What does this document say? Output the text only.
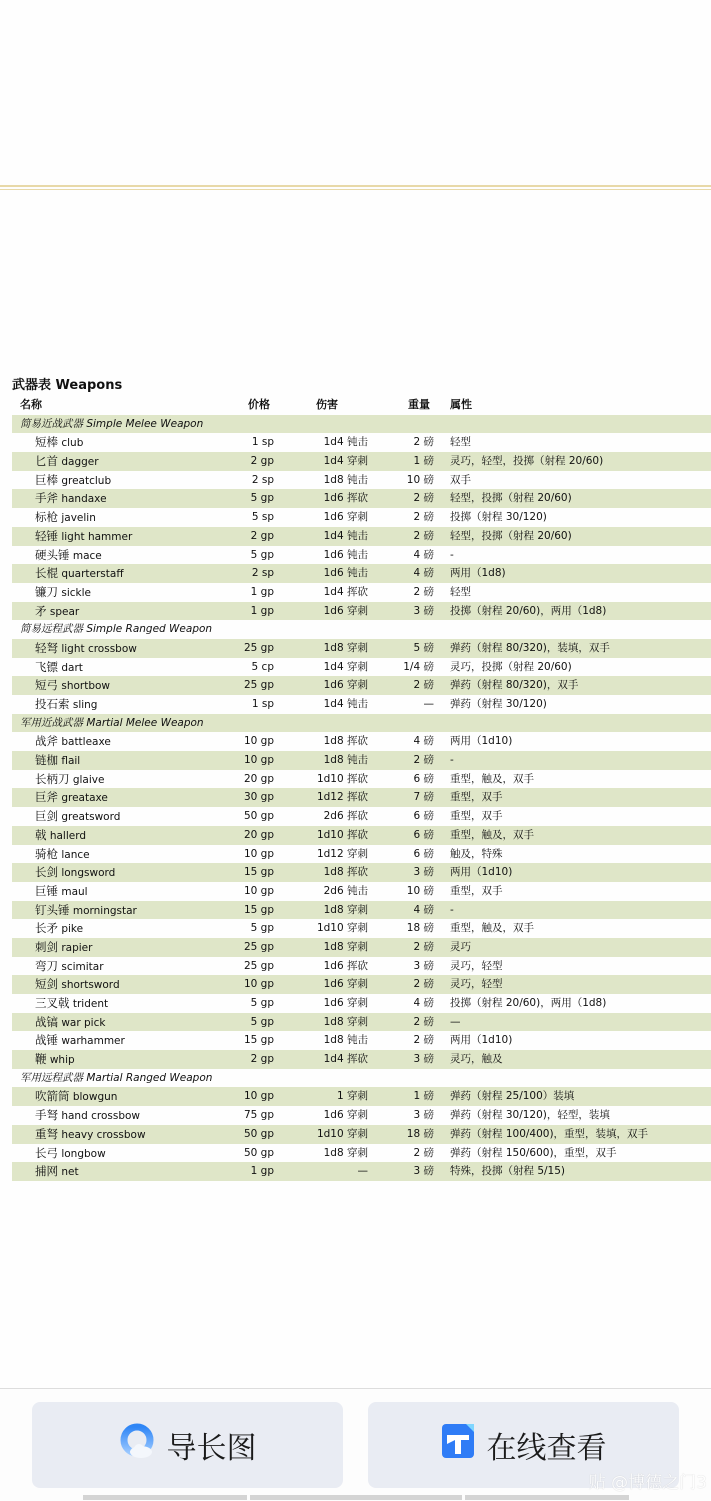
武器表 Weapons
名称	价格	伤害	重量 属性
简易近战武器 Simple Melee Weapon
短棒 club	1 sp	1d4 钝击	2 磅 轻型
匕首 dagger	2 gp	1d4 穿刺	1 磅 灵巧，轻型，投掷（射程 20/60)
巨棒 greatclub	2 sp	1d8 钝击	10 磅 双手
手斧 handaxe	5 gp	1d6 挥砍	2 磅 轻型，投掷（射程 20/60)
标枪 javelin	5 sp	1d6 穿刺	2 磅 投掷（射程 30/120)
轻锤 light hammer	2 gp	1d4 钝击	2 磅 轻型，投掷（射程 20/60)
硬头锤 mace	5 gp	1d6 钝击	4 磅 -
长棍 quarterstaff	2 sp	1d6 钝击	4 磅 两用（1d8)
镰刀 sickle	1 gp	1d4 挥砍	2 磅 轻型
矛 spear	1 gp	1d6 穿刺	3 磅 投掷（射程 20/60)，两用（1d8)
简易远程武器 Simple Ranged Weapon
轻弩 light crossbow	25 gp	1d8 穿刺	5 磅 弹药（射程 80/320)，装填，双手
飞镖 dart	5 cp	1d4 穿刺	1/4 磅 灵巧，投掷（射程 20/60)
短弓 shortbow	25 gp	1d6 穿刺	2 磅 弹药（射程 80/320)，双手
投石索 sling	1 sp	1d4 钝击	— 弹药（射程 30/120)
军用近战武器 Martial Melee Weapon
战斧 battleaxe	10 gp	1d8 挥砍	4 磅 两用（1d10)
链枷 flail	10 gp	1d8 钝击	2 磅 -
长柄刀 glaive	20 gp	1d10 挥砍	6 磅 重型，触及，双手
巨斧 greataxe	30 gp	1d12 挥砍	7 磅 重型，双手
巨剑 greatsword	50 gp	2d6 挥砍	6 磅 重型，双手
戟 hallerd	20 gp	1d10 挥砍	6 磅 重型，触及，双手
骑枪 lance	10 gp	1d12 穿刺	6 磅 触及，特殊
长剑 longsword	15 gp	1d8 挥砍	3 磅 两用（1d10)
巨锤 maul	10 gp	2d6 钝击	10 磅 重型，双手
钉头锤 morningstar	15 gp	1d8 穿刺	4 磅 -
长矛 pike	5 gp	1d10 穿刺	18 磅 重型，触及，双手
刺剑 rapier	25 gp	1d8 穿刺	2 磅 灵巧
弯刀 scimitar	25 gp	1d6 挥砍	3 磅 灵巧，轻型
短剑 shortsword	10 gp	1d6 穿刺	2 磅 灵巧，轻型
三叉戟 trident	5 gp	1d6 穿刺	4 磅 投掷（射程 20/60)，两用（1d8)
战镐 war pick	5 gp	1d8 穿刺	2 磅 —
战锤 warhammer	15 gp	1d8 钝击	2 磅 两用（1d10)
鞭 whip	2 gp	1d4 挥砍	3 磅 灵巧，触及
军用远程武器 Martial Ranged Weapon
吹箭筒 blowgun	10 gp	1 穿刺	1 磅 弹药（射程 25/100）装填
手弩 hand crossbow	75 gp	1d6 穿刺	3 磅 弹药（射程 30/120)，轻型，装填
重弩 heavy crossbow	50 gp	1d10 穿刺	18 磅 弹药（射程 100/400)，重型，装填，双手
长弓 longbow	50 gp	1d8 穿刺	2 磅 弹药（射程 150/600)，重型，双手
捕网 net	1 gp	—	3 磅 特殊，投掷（射程 5/15)
导长图	在线查看
贴 @博德之门3
